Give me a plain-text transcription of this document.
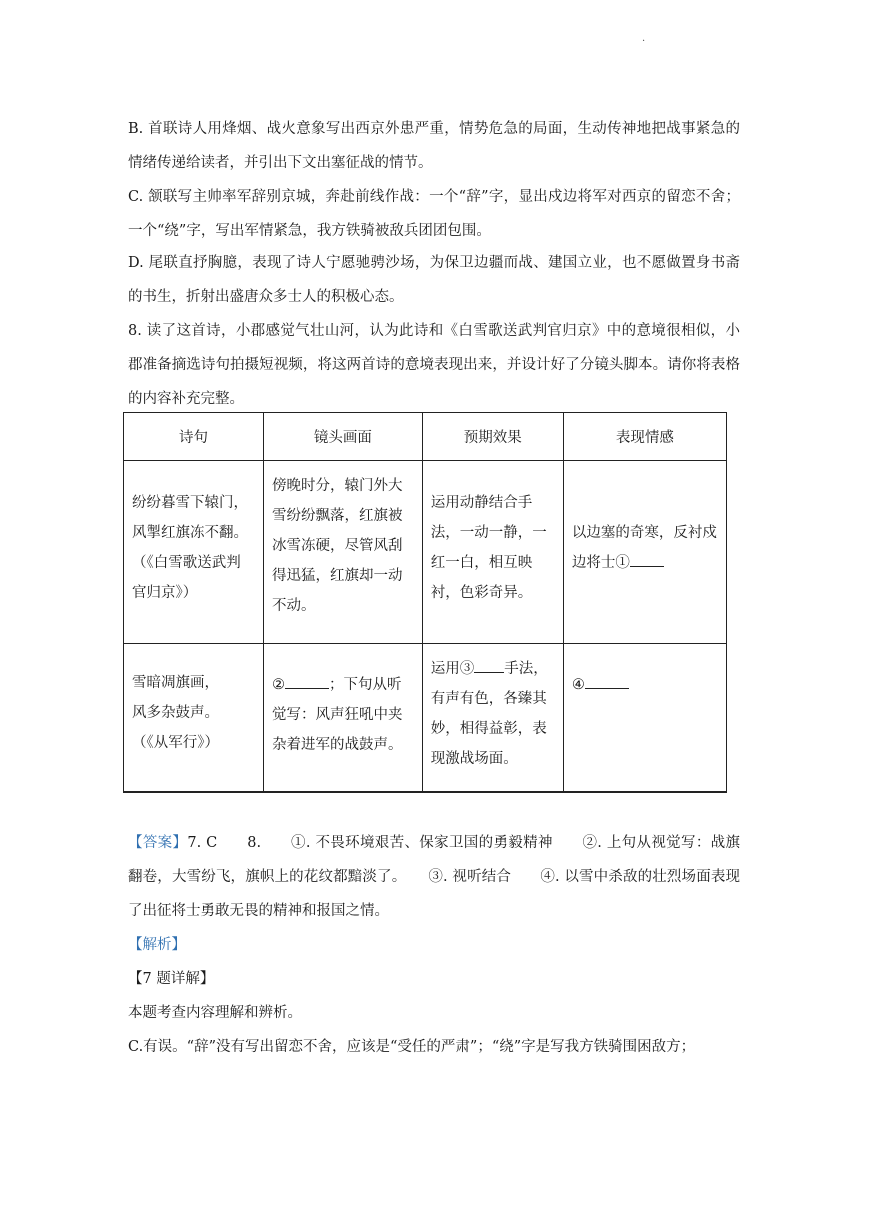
·

B. 首联诗人用烽烟、战火意象写出西京外患严重，情势危急的局面，生动传神地把战事紧急的情绪传递给读者，并引出下文出塞征战的情节。

C. 颔联写主帅率军辞别京城，奔赴前线作战：一个“辞”字，显出戍边将军对西京的留恋不舍；一个“绕”字，写出军情紧急，我方铁骑被敌兵团团包围。

D. 尾联直抒胸臆，表现了诗人宁愿驰骋沙场，为保卫边疆而战、建国立业，也不愿做置身书斋的书生，折射出盛唐众多士人的积极心态。

8. 读了这首诗，小郡感觉气壮山河，认为此诗和《白雪歌送武判官归京》中的意境很相似，小郡准备摘选诗句拍摄短视频，将这两首诗的意境表现出来，并设计好了分镜头脚本。请你将表格的内容补充完整。

诗句	镜头画面	预期效果	表现情感

纷纷暮雪下辕门，
风掣红旗冻不翻。
（《白雪歌送武判官归京》）	傍晚时分，辕门外大雪纷纷飘落，红旗被冰雪冻硬，尽管风刮得迅猛，红旗却一动不动。	运用动静结合手法，一动一静，一红一白，相互映衬，色彩奇异。	以边塞的奇寒，反衬戍边将士①

雪暗凋旗画，
风多杂鼓声。
（《从军行》）	② ；下句从听觉写：风声狂吼中夹杂着进军的战鼓声。	运用③ 手法，有声有色，各臻其妙，相得益彰，表现激战场面。	④

【答案】7. C　　8.　　①. 不畏环境艰苦、保家卫国的勇毅精神　　②. 上句从视觉写：战旗翻卷，大雪纷飞，旗帜上的花纹都黯淡了。　　③. 视听结合　　④. 以雪中杀敌的壮烈场面表现了出征将士勇敢无畏的精神和报国之情。

【解析】

【7 题详解】

本题考查内容理解和辨析。

C.有误。“辞”没有写出留恋不舍，应该是“受任的严肃”；“绕”字是写我方铁骑围困敌方；
